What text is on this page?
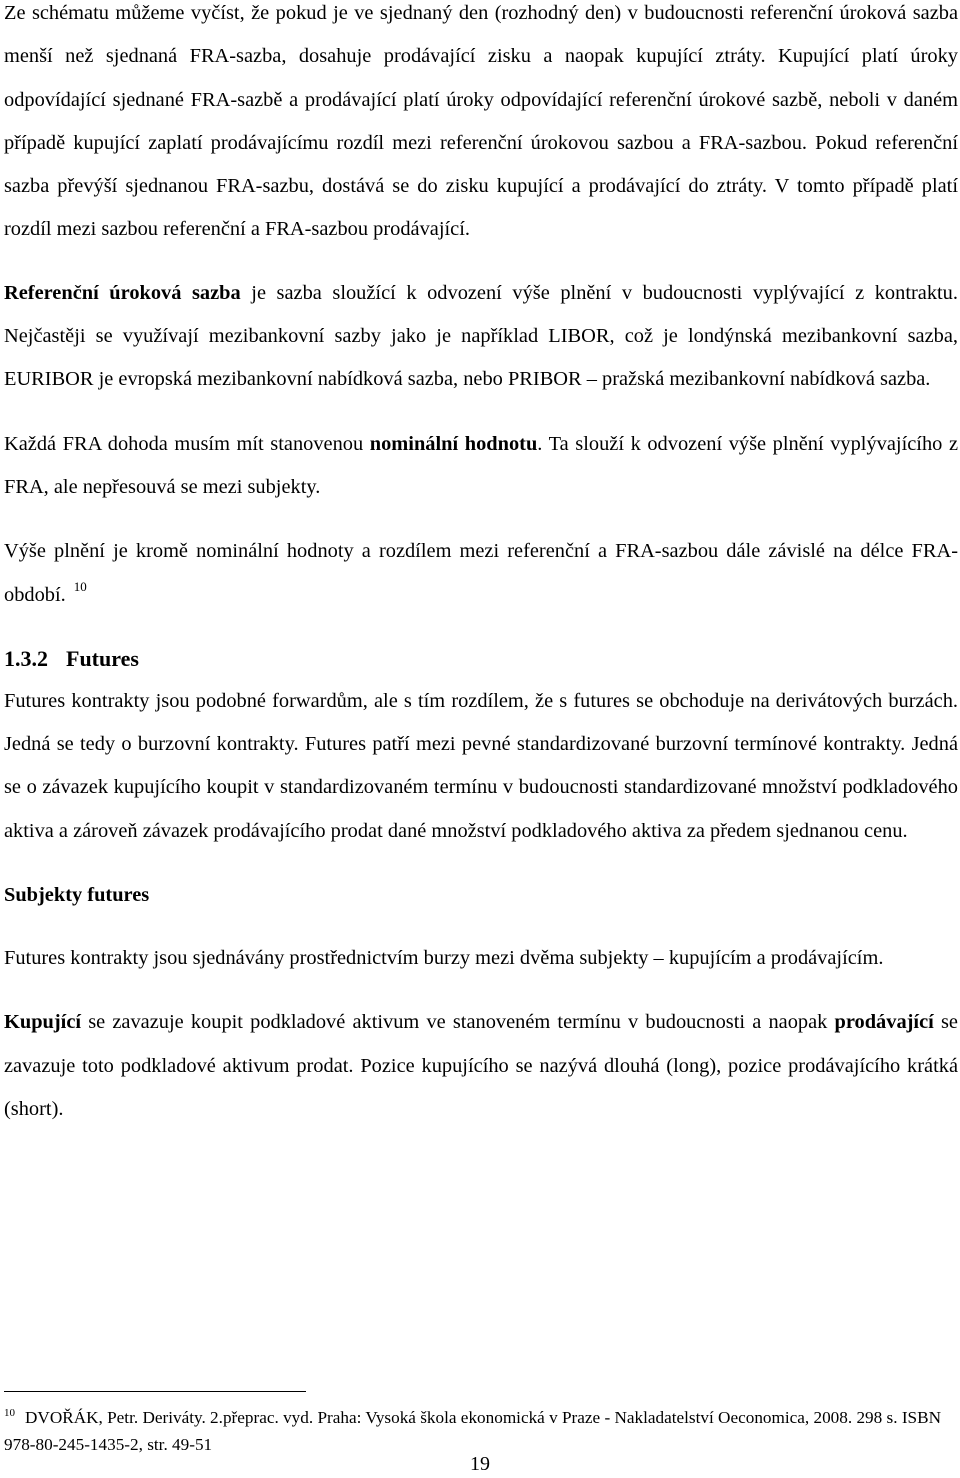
Ze schématu můžeme vyčíst, že pokud je ve sjednaný den (rozhodný den) v budoucnosti referenční úroková sazba menší než sjednaná FRA-sazba, dosahuje prodávající zisku a naopak kupující ztráty. Kupující platí úroky odpovídající sjednané FRA-sazbě a prodávající platí úroky odpovídající referenční úrokové sazbě, neboli v daném případě kupující zaplatí prodávajícímu rozdíl mezi referenční úrokovou sazbou a FRA-sazbou. Pokud referenční sazba převýší sjednanou FRA-sazbu, dostává se do zisku kupující a prodávající do ztráty. V tomto případě platí rozdíl mezi sazbou referenční a FRA-sazbou prodávající.

Referenční úroková sazba je sazba sloužící k odvození výše plnění v budoucnosti vyplývající z kontraktu. Nejčastěji se využívají mezibankovní sazby jako je například LIBOR, což je londýnská mezibankovní sazba, EURIBOR je evropská mezibankovní nabídková sazba, nebo PRIBOR – pražská mezibankovní nabídková sazba.

Každá FRA dohoda musím mít stanovenou nominální hodnotu. Ta slouží k odvození výše plnění vyplývajícího z FRA, ale nepřesouvá se mezi subjekty.

Výše plnění je kromě nominální hodnoty a rozdílem mezi referenční a FRA-sazbou dále závislé na délce FRA-období. $^{10}$

1.3.2 Futures

Futures kontrakty jsou podobné forwardům, ale s tím rozdílem, že s futures se obchoduje na derivátových burzách. Jedná se tedy o burzovní kontrakty. Futures patří mezi pevné standardizované burzovní termínové kontrakty. Jedná se o závazek kupujícího koupit v standardizovaném termínu v budoucnosti standardizované množství podkladového aktiva a zároveň závazek prodávajícího prodat dané množství podkladového aktiva za předem sjednanou cenu.

Subjekty futures

Futures kontrakty jsou sjednávány prostřednictvím burzy mezi dvěma subjekty – kupujícím a prodávajícím.

Kupující se zavazuje koupit podkladové aktivum ve stanoveném termínu v budoucnosti a naopak prodávající se zavazuje toto podkladové aktivum prodat. Pozice kupujícího se nazývá dlouhá (long), pozice prodávajícího krátká (short).

$^{10}$ DVOŘÁK, Petr. Deriváty. 2.přeprac. vyd. Praha: Vysoká škola ekonomická v Praze - Nakladatelství Oeconomica, 2008. 298 s. ISBN 978-80-245-1435-2, str. 49-51
19
